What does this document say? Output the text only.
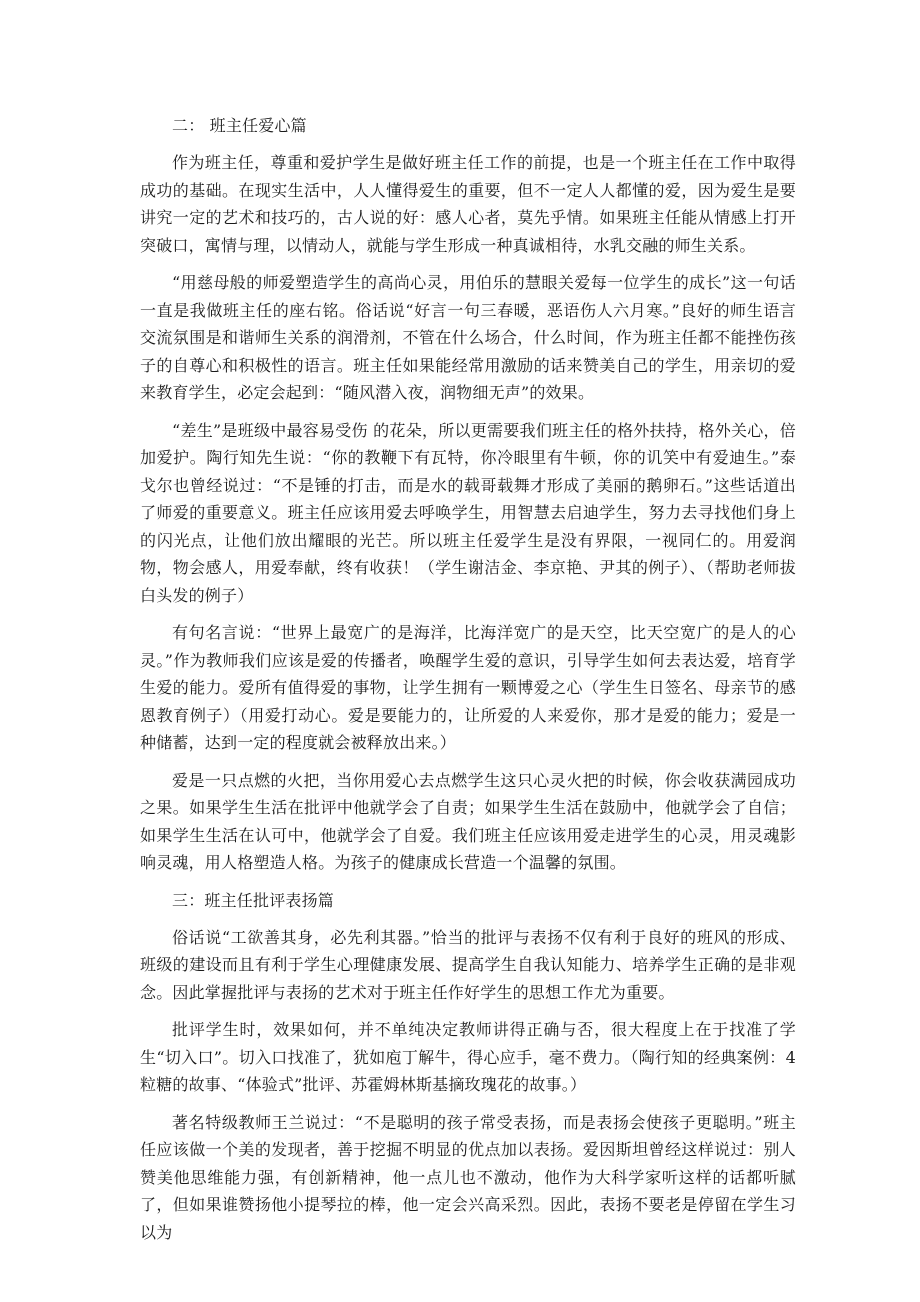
二： 班主任爱心篇

作为班主任，尊重和爱护学生是做好班主任工作的前提，也是一个班主任在工作中取得成功的基础。在现实生活中，人人懂得爱生的重要，但不一定人人都懂的爱，因为爱生是要讲究一定的艺术和技巧的，古人说的好：感人心者，莫先乎情。如果班主任能从情感上打开突破口，寓情与理，以情动人，就能与学生形成一种真诚相待，水乳交融的师生关系。

“用慈母般的师爱塑造学生的高尚心灵，用伯乐的慧眼关爱每一位学生的成长”这一句话一直是我做班主任的座右铭。俗话说“好言一句三春暖，恶语伤人六月寒。”良好的师生语言交流氛围是和谐师生关系的润滑剂，不管在什么场合，什么时间，作为班主任都不能挫伤孩子的自尊心和积极性的语言。班主任如果能经常用激励的话来赞美自己的学生，用亲切的爱来教育学生，必定会起到：“随风潜入夜，润物细无声”的效果。

“差生”是班级中最容易受伤 的花朵，所以更需要我们班主任的格外扶持，格外关心，倍加爱护。陶行知先生说：“你的教鞭下有瓦特，你冷眼里有牛顿，你的讥笑中有爱迪生。”泰戈尔也曾经说过：“不是锤的打击，而是水的载哥载舞才形成了美丽的鹅卵石。”这些话道出了师爱的重要意义。班主任应该用爱去呼唤学生，用智慧去启迪学生，努力去寻找他们身上的闪光点，让他们放出耀眼的光芒。所以班主任爱学生是没有界限，一视同仁的。用爱润物，物会感人，用爱奉献，终有收获！（学生谢洁金、李京艳、尹其的例子）、（帮助老师拔白头发的例子）

有句名言说：“世界上最宽广的是海洋，比海洋宽广的是天空，比天空宽广的是人的心灵。”作为教师我们应该是爱的传播者，唤醒学生爱的意识，引导学生如何去表达爱，培育学生爱的能力。爱所有值得爱的事物，让学生拥有一颗博爱之心（学生生日签名、母亲节的感恩教育例子）（用爱打动心。爱是要能力的，让所爱的人来爱你，那才是爱的能力；爱是一种储蓄，达到一定的程度就会被释放出来。）

爱是一只点燃的火把，当你用爱心去点燃学生这只心灵火把的时候，你会收获满园成功之果。如果学生生活在批评中他就学会了自责；如果学生生活在鼓励中，他就学会了自信；如果学生生活在认可中，他就学会了自爱。我们班主任应该用爱走进学生的心灵，用灵魂影响灵魂，用人格塑造人格。为孩子的健康成长营造一个温馨的氛围。

三：班主任批评表扬篇

俗话说“工欲善其身，必先利其器。”恰当的批评与表扬不仅有利于良好的班风的形成、班级的建设而且有利于学生心理健康发展、提高学生自我认知能力、培养学生正确的是非观念。因此掌握批评与表扬的艺术对于班主任作好学生的思想工作尤为重要。

批评学生时，效果如何，并不单纯决定教师讲得正确与否，很大程度上在于找准了学生“切入口”。切入口找准了，犹如庖丁解牛，得心应手，毫不费力。（陶行知的经典案例：4粒糖的故事、“体验式”批评、苏霍姆林斯基摘玫瑰花的故事。）

著名特级教师王兰说过：“不是聪明的孩子常受表扬，而是表扬会使孩子更聪明。”班主任应该做一个美的发现者，善于挖掘不明显的优点加以表扬。爱因斯坦曾经这样说过：别人赞美他思维能力强，有创新精神，他一点儿也不激动，他作为大科学家听这样的话都听腻了，但如果谁赞扬他小提琴拉的棒，他一定会兴高采烈。因此，表扬不要老是停留在学生习以为
